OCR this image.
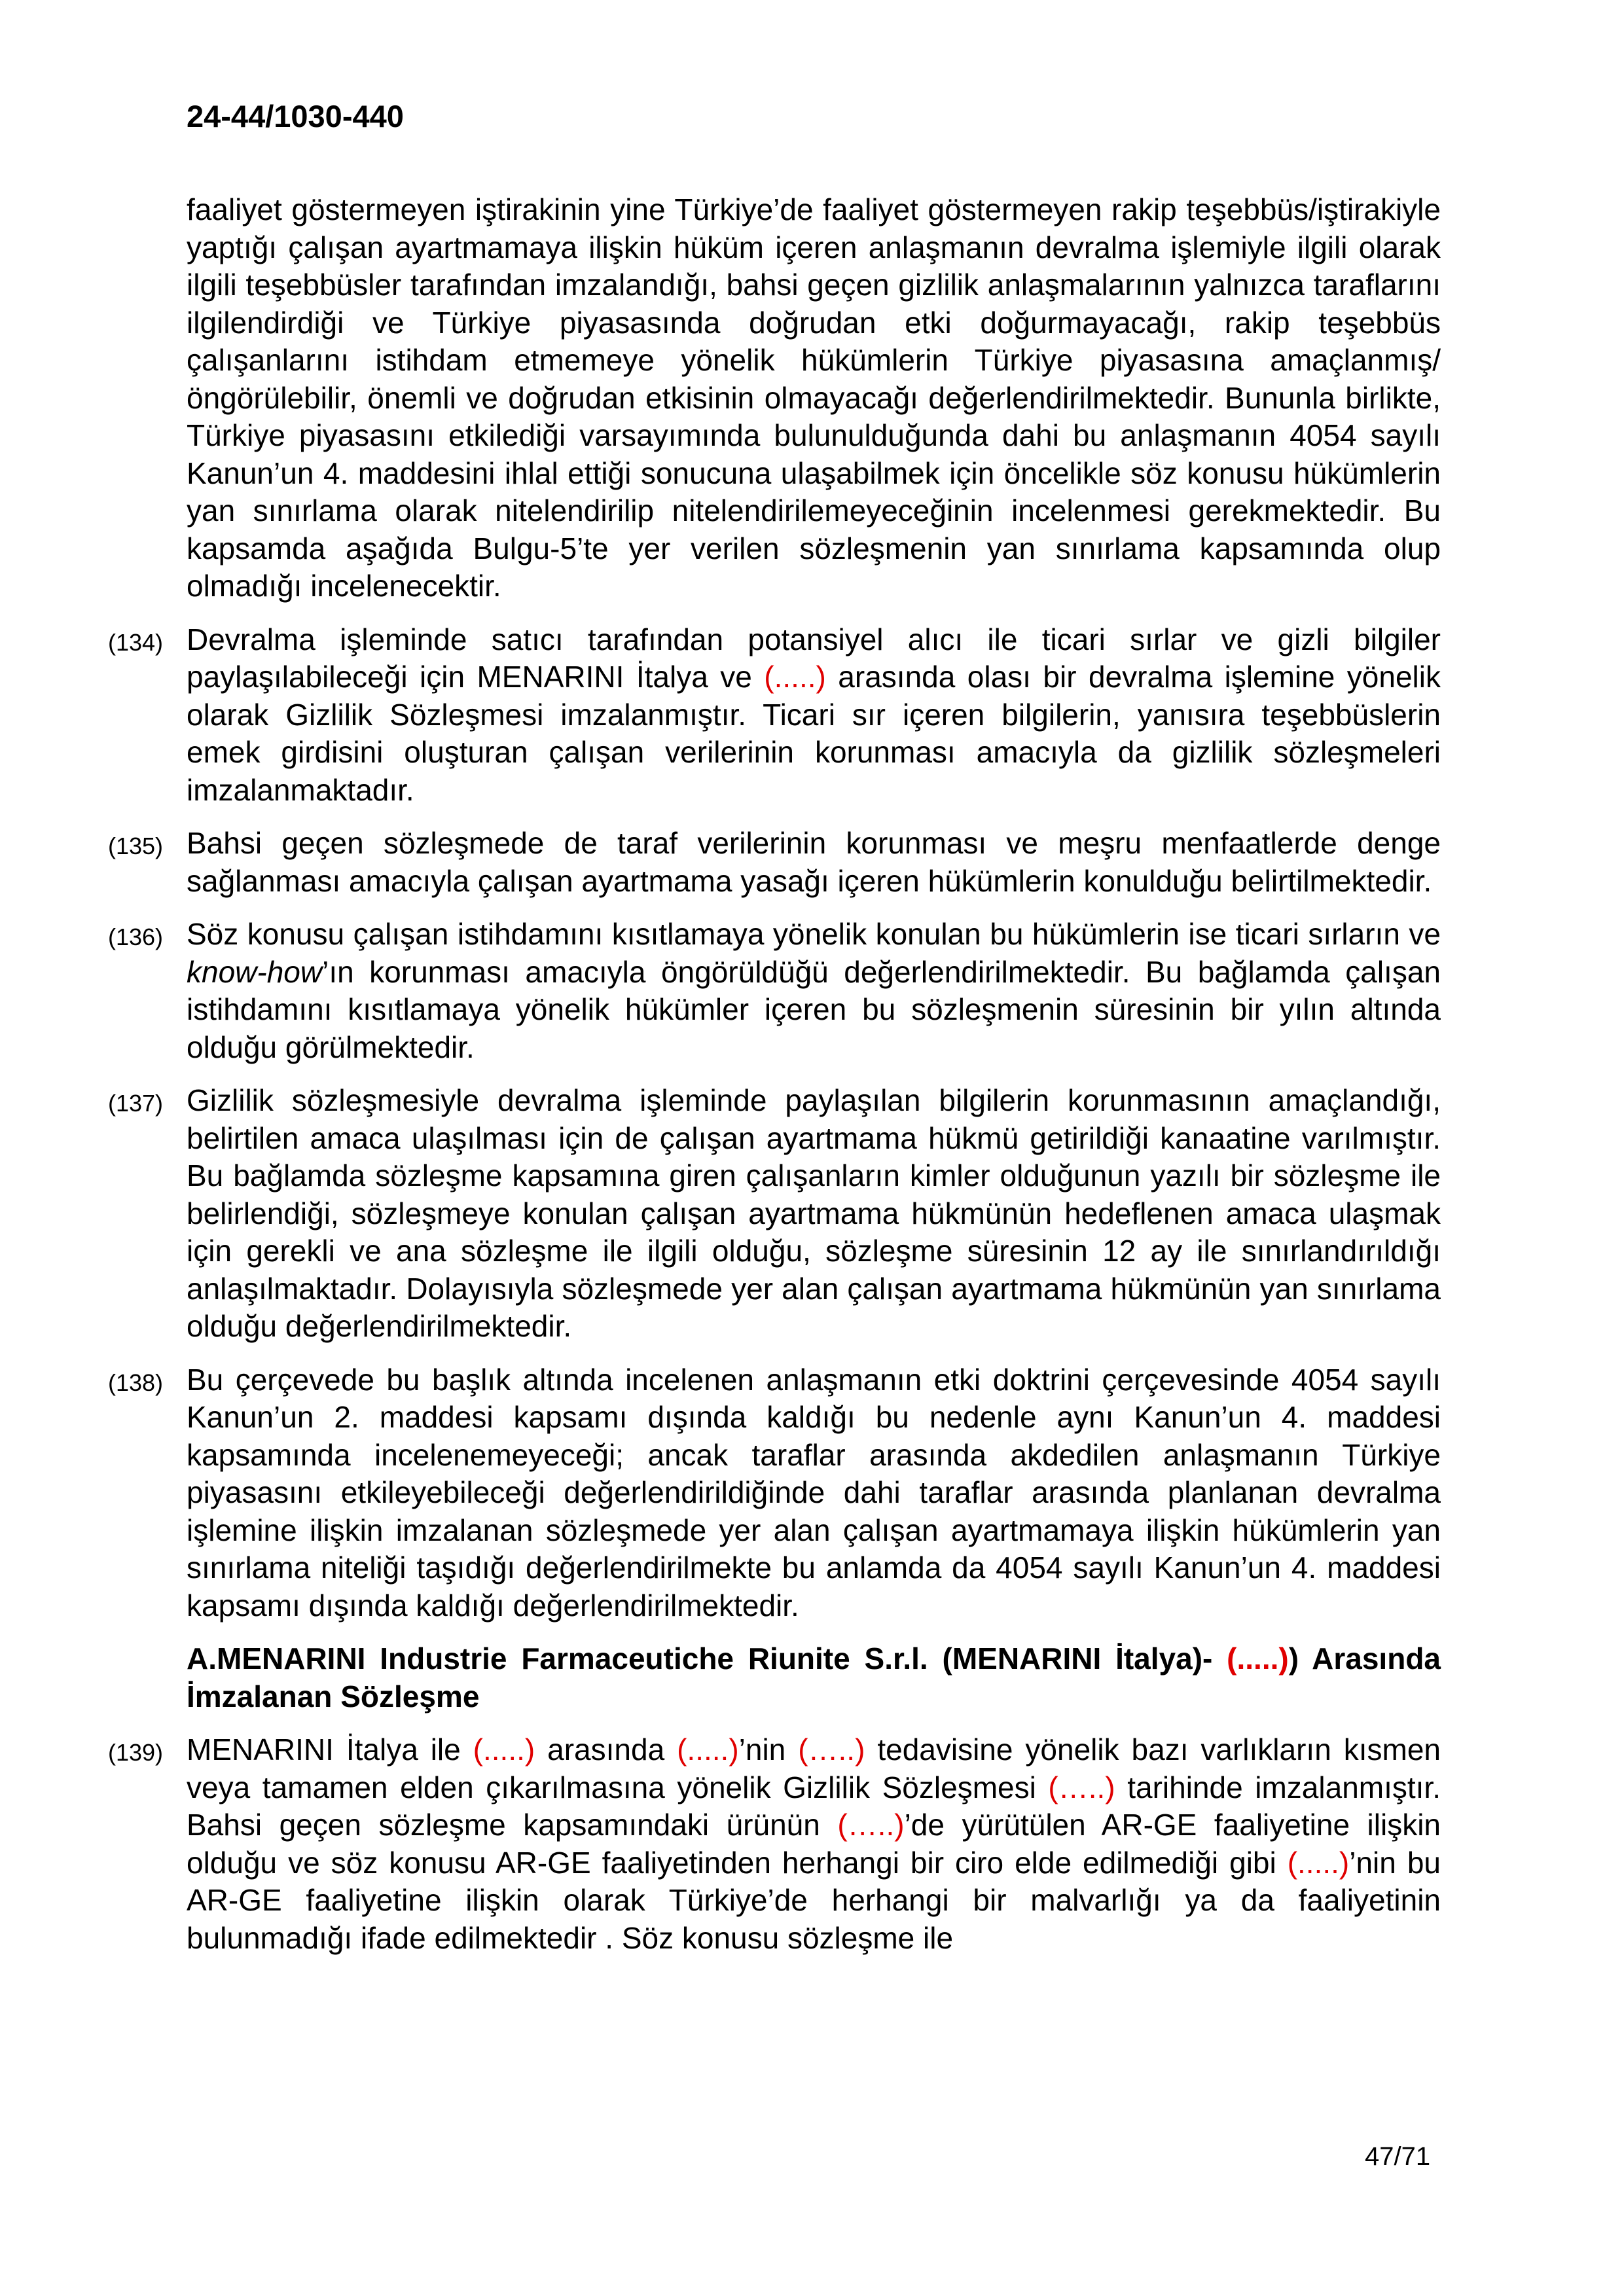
24-44/1030-440

faaliyet göstermeyen iştirakinin yine Türkiye’de faaliyet göstermeyen rakip teşebbüs/iştirakiyle yaptığı çalışan ayartmamaya ilişkin hüküm içeren anlaşmanın devralma işlemiyle ilgili olarak ilgili teşebbüsler tarafından imzalandığı, bahsi geçen gizlilik anlaşmalarının yalnızca taraflarını ilgilendirdiği ve Türkiye piyasasında doğrudan etki doğurmayacağı, rakip teşebbüs çalışanlarını istihdam etmemeye yönelik hükümlerin Türkiye piyasasına amaçlanmış/öngörülebilir, önemli ve doğrudan etkisinin olmayacağı değerlendirilmektedir. Bununla birlikte, Türkiye piyasasını etkilediği varsayımında bulunulduğunda dahi bu anlaşmanın 4054 sayılı Kanun’un 4. maddesini ihlal ettiği sonucuna ulaşabilmek için öncelikle söz konusu hükümlerin yan sınırlama olarak nitelendirilip nitelendirilemeyeceğinin incelenmesi gerekmektedir. Bu kapsamda aşağıda Bulgu-5’te yer verilen sözleşmenin yan sınırlama kapsamında olup olmadığı incelenecektir.

(134) Devralma işleminde satıcı tarafından potansiyel alıcı ile ticari sırlar ve gizli bilgiler paylaşılabileceği için MENARINI İtalya ve (.....) arasında olası bir devralma işlemine yönelik olarak Gizlilik Sözleşmesi imzalanmıştır. Ticari sır içeren bilgilerin, yanısıra teşebbüslerin emek girdisini oluşturan çalışan verilerinin korunması amacıyla da gizlilik sözleşmeleri imzalanmaktadır.

(135) Bahsi geçen sözleşmede de taraf verilerinin korunması ve meşru menfaatlerde denge sağlanması amacıyla çalışan ayartmama yasağı içeren hükümlerin konulduğu belirtilmektedir.

(136) Söz konusu çalışan istihdamını kısıtlamaya yönelik konulan bu hükümlerin ise ticari sırların ve know-how’ın korunması amacıyla öngörüldüğü değerlendirilmektedir. Bu bağlamda çalışan istihdamını kısıtlamaya yönelik hükümler içeren bu sözleşmenin süresinin bir yılın altında olduğu görülmektedir.

(137) Gizlilik sözleşmesiyle devralma işleminde paylaşılan bilgilerin korunmasının amaçlandığı, belirtilen amaca ulaşılması için de çalışan ayartmama hükmü getirildiği kanaatine varılmıştır. Bu bağlamda sözleşme kapsamına giren çalışanların kimler olduğunun yazılı bir sözleşme ile belirlendiği, sözleşmeye konulan çalışan ayartmama hükmünün hedeflenen amaca ulaşmak için gerekli ve ana sözleşme ile ilgili olduğu, sözleşme süresinin 12 ay ile sınırlandırıldığı anlaşılmaktadır. Dolayısıyla sözleşmede yer alan çalışan ayartmama hükmünün yan sınırlama olduğu değerlendirilmektedir.

(138) Bu çerçevede bu başlık altında incelenen anlaşmanın etki doktrini çerçevesinde 4054 sayılı Kanun’un 2. maddesi kapsamı dışında kaldığı bu nedenle aynı Kanun’un 4. maddesi kapsamında incelenemeyeceği; ancak taraflar arasında akdedilen anlaşmanın Türkiye piyasasını etkileyebileceği değerlendirildiğinde dahi taraflar arasında planlanan devralma işlemine ilişkin imzalanan sözleşmede yer alan çalışan ayartmamaya ilişkin hükümlerin yan sınırlama niteliği taşıdığı değerlendirilmekte bu anlamda da 4054 sayılı Kanun’un 4. maddesi kapsamı dışında kaldığı değerlendirilmektedir.

A.MENARINI Industrie Farmaceutiche Riunite S.r.l. (MENARINI İtalya)- (.....)) Arasında İmzalanan Sözleşme

(139) MENARINI İtalya ile (.....) arasında (.....)’nin (…..) tedavisine yönelik bazı varlıkların kısmen veya tamamen elden çıkarılmasına yönelik Gizlilik Sözleşmesi (…..) tarihinde imzalanmıştır. Bahsi geçen sözleşme kapsamındaki ürünün (…..)’de yürütülen AR-GE faaliyetine ilişkin olduğu ve söz konusu AR-GE faaliyetinden herhangi bir ciro elde edilmediği gibi (.....)’nin bu AR-GE faaliyetine ilişkin olarak Türkiye’de herhangi bir malvarlığı ya da faaliyetinin bulunmadığı ifade edilmektedir . Söz konusu sözleşme ile

47/71
